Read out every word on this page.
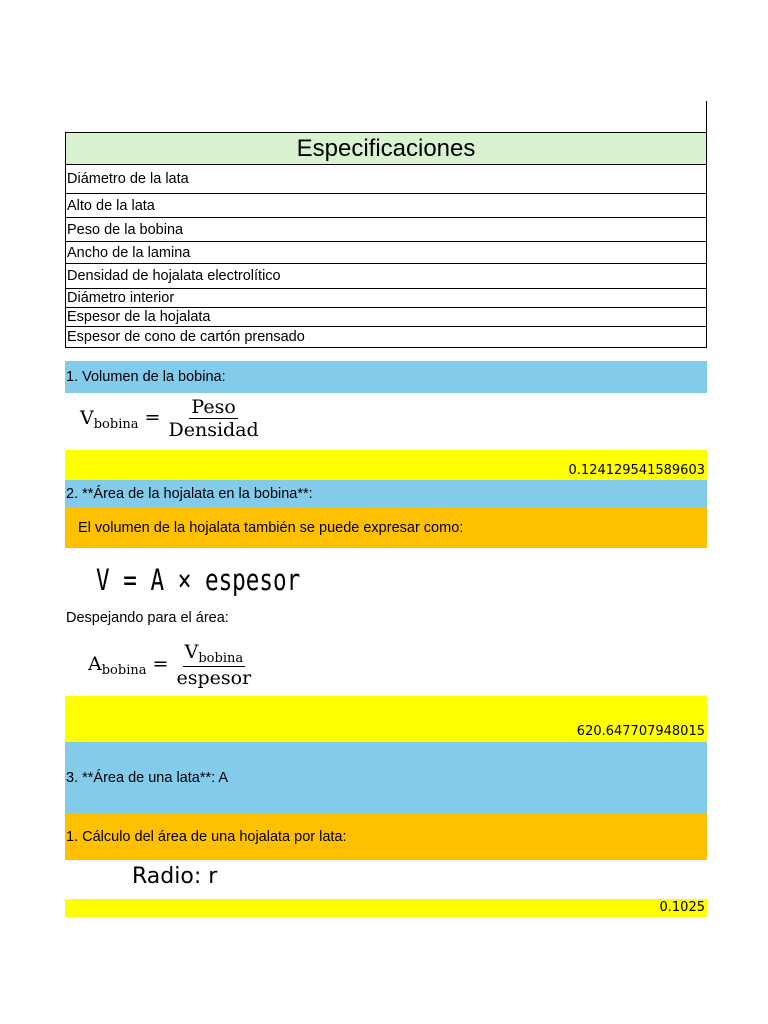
Especificaciones
Diámetro de la lata
Alto de la lata
Peso de la bobina
Ancho de la lamina
Densidad de hojalata electrolítico
Diámetro interior
Espesor de la hojalata
Espesor de cono de cartón prensado
1. Volumen de la bobina:
$V_{bobina} = \frac{\text{Peso}}{\text{Densidad}}$
0.124129541589603
2. **Área de la hojalata en la bobina**:
El volumen de la hojalata también se puede expresar como:
V = A × espesor
Despejando para el área:
$A_{bobina} = \frac{V_{bobina}}{\text{espesor}}$
620.647707948015
3. **Área de una lata**: A
1. Cálculo del área de una hojalata por lata:
Radio: r
0.1025
